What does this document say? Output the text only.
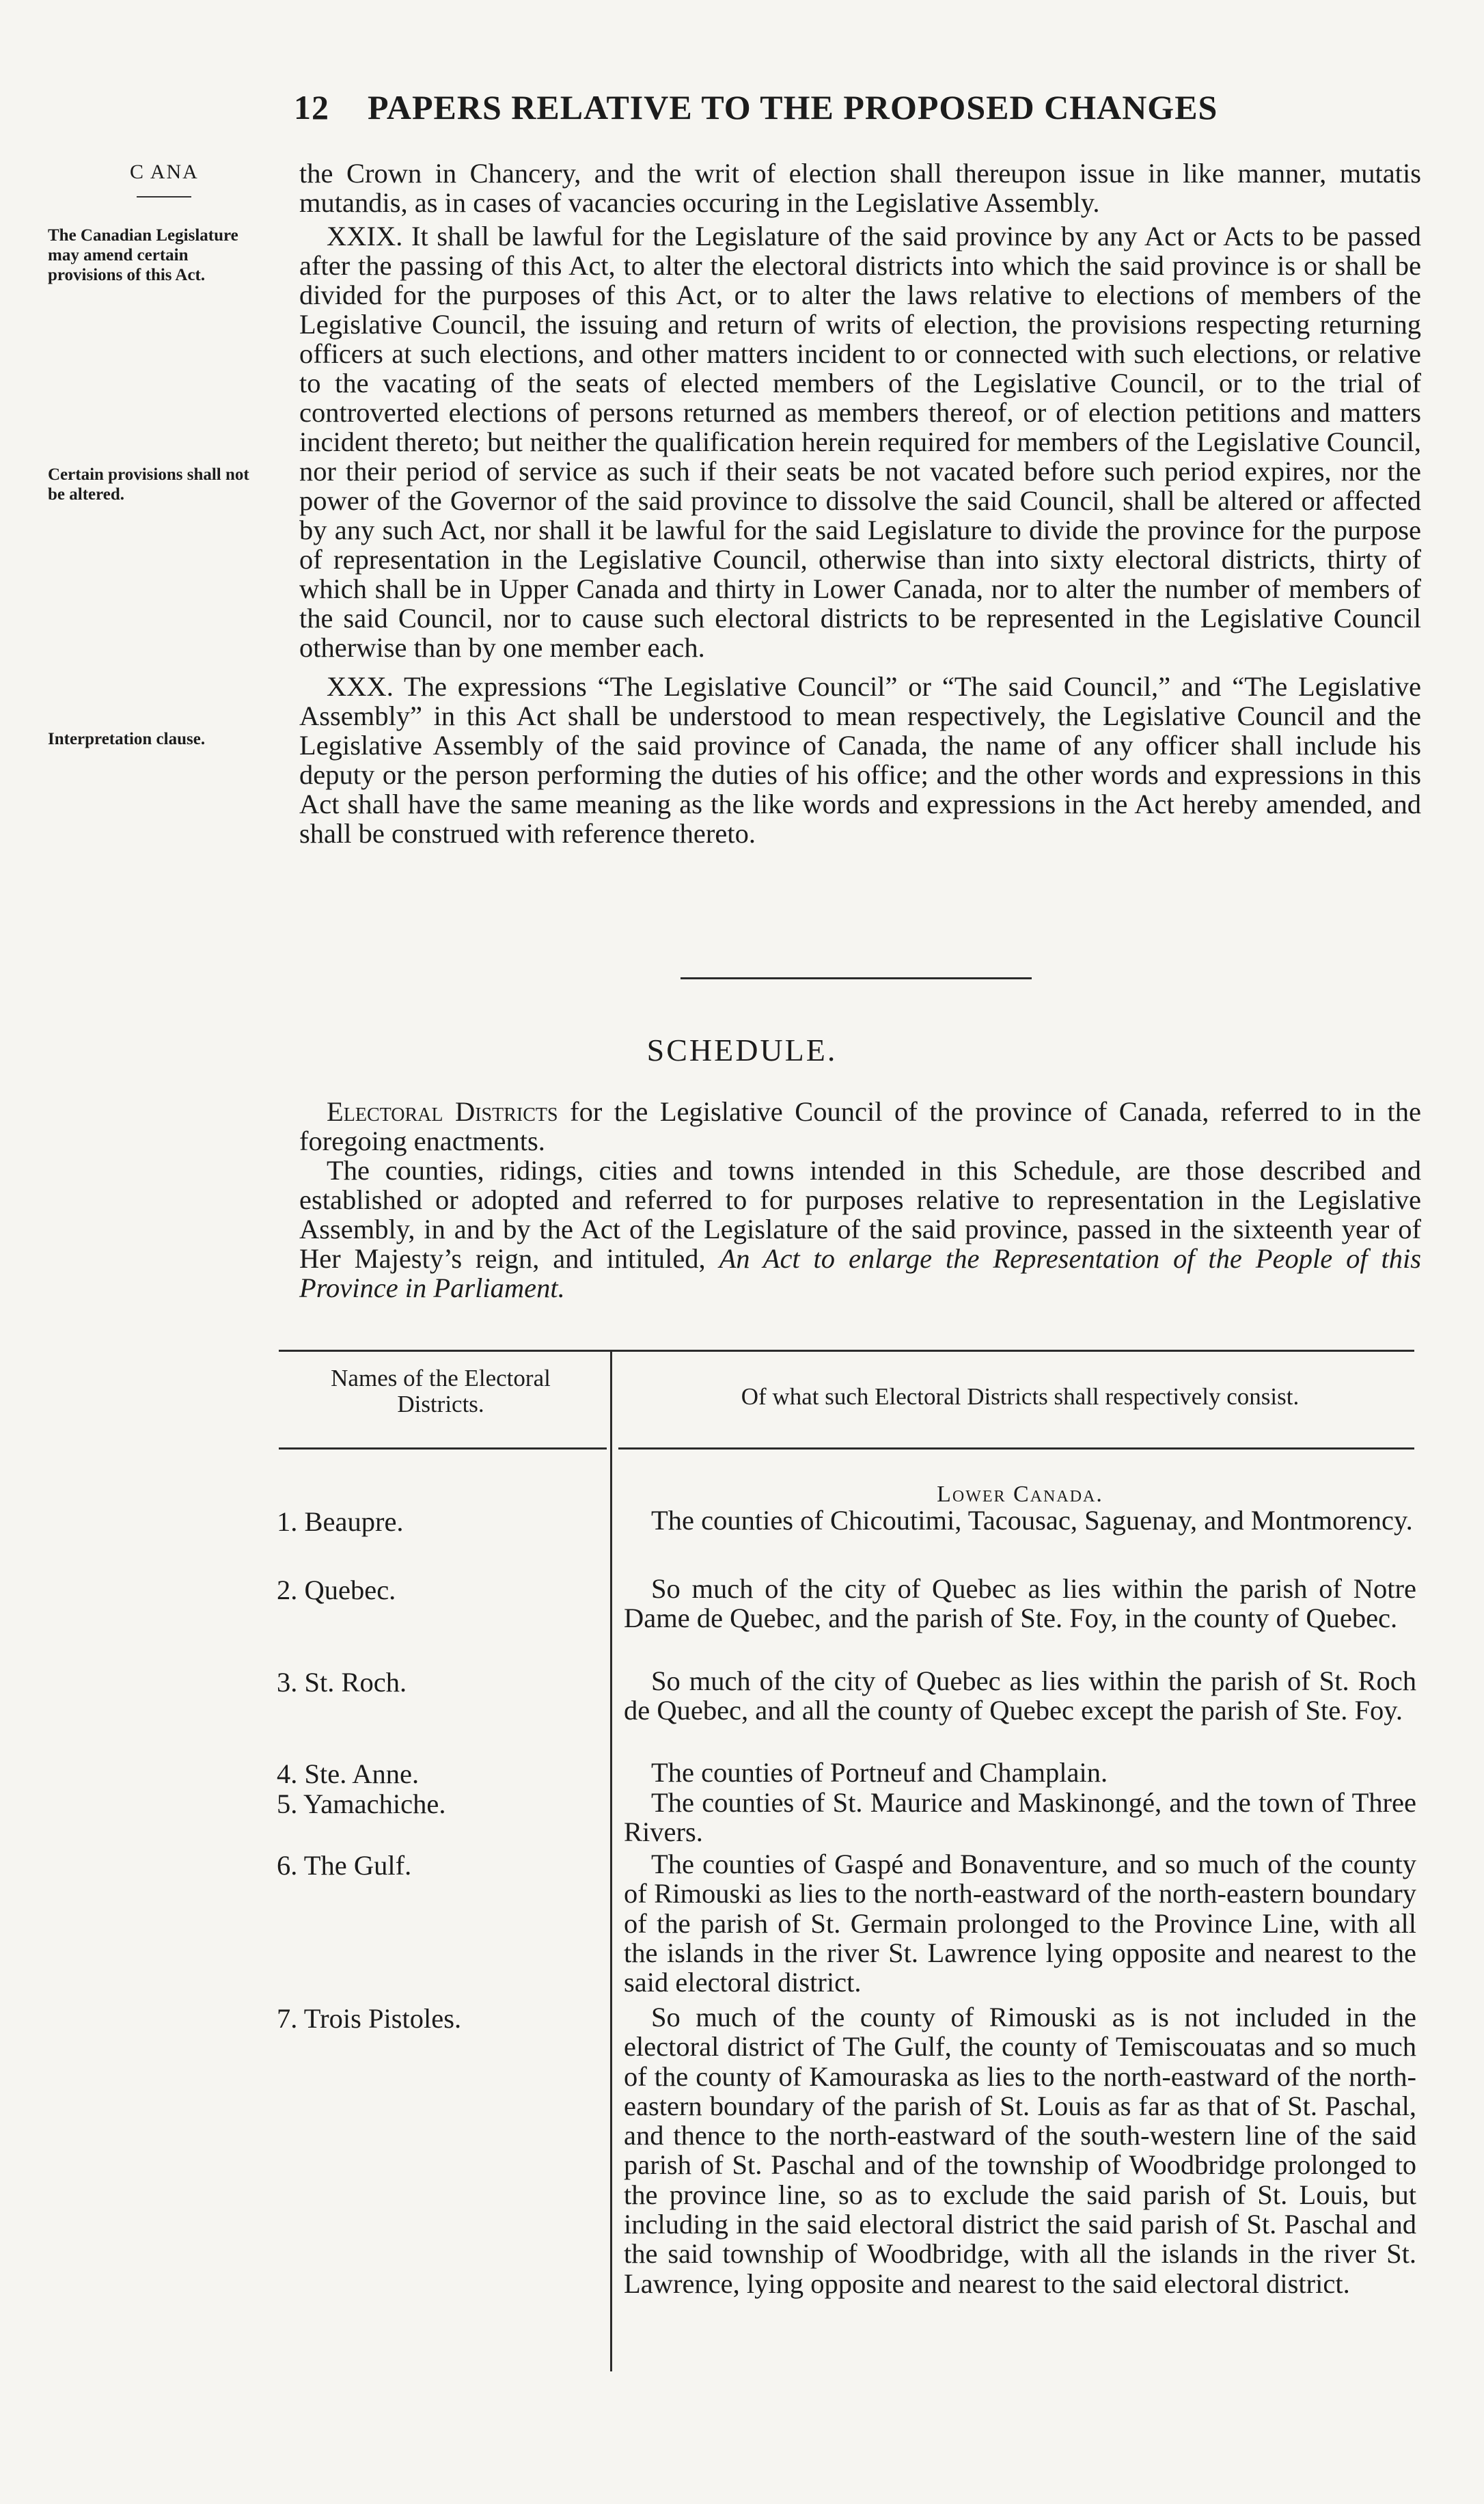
12 PAPERS RELATIVE TO THE PROPOSED CHANGES
C ANA
The Canadian Legislature may amend certain provisions of this Act.
Certain provisions shall not be altered.
Interpretation clause.

the Crown in Chancery, and the writ of election shall thereupon issue in like manner, mutatis mutandis, as in cases of vacancies occuring in the Legislative Assembly.

XXIX. It shall be lawful for the Legislature of the said province by any Act or Acts to be passed after the passing of this Act, to alter the electoral districts into which the said province is or shall be divided for the purposes of this Act, or to alter the laws relative to elections of members of the Legislative Council, the issuing and return of writs of election, the provisions respecting returning officers at such elections, and other matters incident to or connected with such elections, or relative to the vacating of the seats of elected members of the Legislative Council, or to the trial of controverted elections of persons returned as members thereof, or of election petitions and matters incident thereto; but neither the qualification herein required for members of the Legislative Council, nor their period of service as such if their seats be not vacated before such period expires, nor the power of the Governor of the said province to dissolve the said Council, shall be altered or affected by any such Act, nor shall it be lawful for the said Legislature to divide the province for the purpose of representation in the Legislative Council, otherwise than into sixty electoral districts, thirty of which shall be in Upper Canada and thirty in Lower Canada, nor to alter the number of members of the said Council, nor to cause such electoral districts to be represented in the Legislative Council otherwise than by one member each.

XXX. The expressions “The Legislative Council” or “The said Council,” and “The Legislative Assembly” in this Act shall be understood to mean respectively, the Legislative Council and the Legislative Assembly of the said province of Canada, the name of any officer shall include his deputy or the person performing the duties of his office; and the other words and expressions in this Act shall have the same meaning as the like words and expressions in the Act hereby amended, and shall be construed with reference thereto.

SCHEDULE.

Electoral Districts for the Legislative Council of the province of Canada, referred to in the foregoing enactments.

The counties, ridings, cities and towns intended in this Schedule, are those described and established or adopted and referred to for purposes relative to representation in the Legislative Assembly, in and by the Act of the Legislature of the said province, passed in the sixteenth year of Her Majesty’s reign, and intituled, An Act to enlarge the Representation of the People of this Province in Parliament.

Names of the Electoral Districts.	Of what such Electoral Districts shall respectively consist.
Lower Canada.
1. Beaupre.	The counties of Chicoutimi, Tacousac, Saguenay, and Montmorency.

2. Quebec.	So much of the city of Quebec as lies within the parish of Notre Dame de Quebec, and the parish of Ste. Foy, in the county of Quebec.

3. St. Roch.	So much of the city of Quebec as lies within the parish of St. Roch de Quebec, and all the county of Quebec except the parish of Ste. Foy.

4. Ste. Anne.	The counties of Portneuf and Champlain.

5. Yamachiche.	The counties of St. Maurice and Maskinongé, and the town of Three Rivers.

6. The Gulf.	The counties of Gaspé and Bonaventure, and so much of the county of Rimouski as lies to the north-eastward of the north-eastern boundary of the parish of St. Germain prolonged to the Province Line, with all the islands in the river St. Lawrence lying opposite and nearest to the said electoral district.

7. Trois Pistoles.	So much of the county of Rimouski as is not included in the electoral district of The Gulf, the county of Temiscouatas and so much of the county of Kamouraska as lies to the north-eastward of the north-eastern boundary of the parish of St. Louis as far as that of St. Paschal, and thence to the north-eastward of the south-western line of the said parish of St. Paschal and of the township of Woodbridge prolonged to the province line, so as to exclude the said parish of St. Louis, but including in the said electoral district the said parish of St. Paschal and the said township of Woodbridge, with all the islands in the river St. Lawrence, lying opposite and nearest to the said electoral district.
